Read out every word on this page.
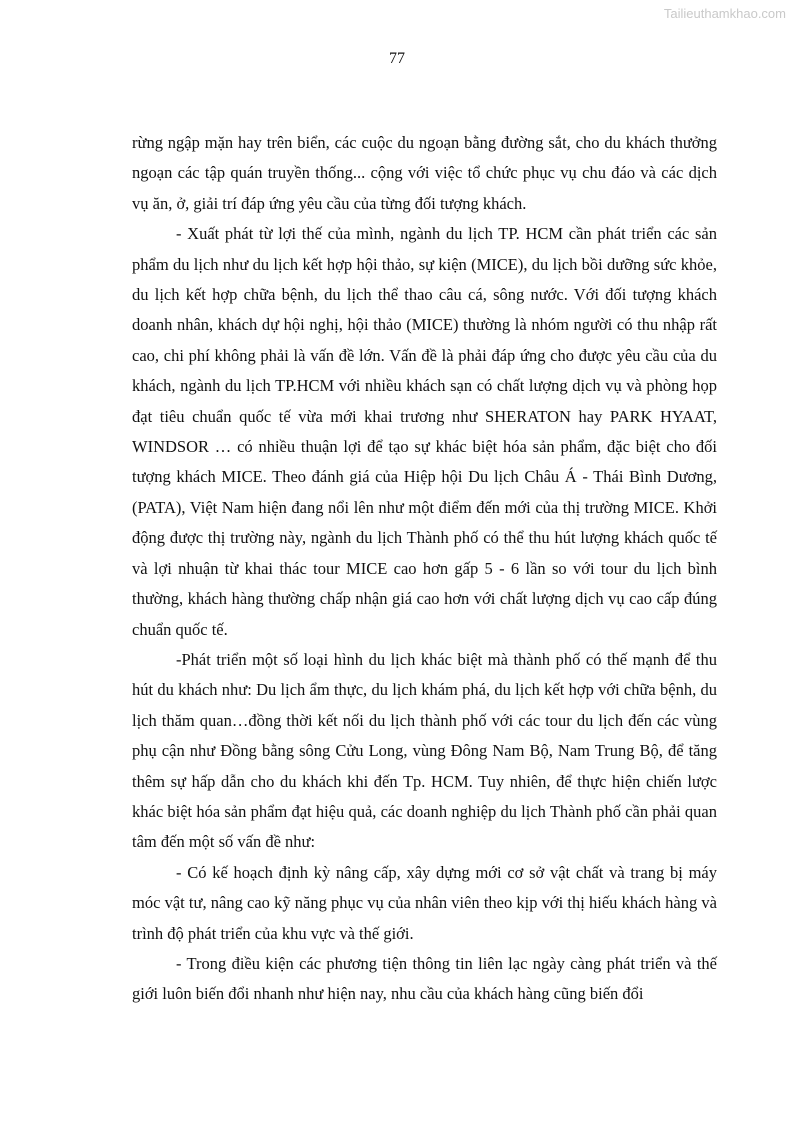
Tailieuthamkhao.com
77

rừng ngập mặn hay trên biển, các cuộc du ngoạn bằng đường sắt, cho du khách thưởng ngoạn các tập quán truyền thống... cộng với việc tổ chức phục vụ chu đáo và các dịch vụ ăn, ở, giải trí đáp ứng yêu cầu của từng đối tượng khách.

- Xuất phát từ lợi thế của mình, ngành du lịch TP. HCM cần phát triển các sản phẩm du lịch như du lịch kết hợp hội thảo, sự kiện (MICE), du lịch bồi dưỡng sức khỏe, du lịch kết hợp chữa bệnh, du lịch thể thao câu cá, sông nước. Với đối tượng khách doanh nhân, khách dự hội nghị, hội thảo (MICE) thường là nhóm người có thu nhập rất cao, chi phí không phải là vấn đề lớn. Vấn đề là phải đáp ứng cho được yêu cầu của du khách, ngành du lịch TP.HCM với nhiều khách sạn có chất lượng dịch vụ và phòng họp đạt tiêu chuẩn quốc tế vừa mới khai trương như SHERATON hay PARK HYAAT, WINDSOR … có nhiều thuận lợi để tạo sự khác biệt hóa sản phẩm, đặc biệt cho đối tượng khách MICE. Theo đánh giá của Hiệp hội Du lịch Châu Á - Thái Bình Dương, (PATA), Việt Nam hiện đang nổi lên như một điểm đến mới của thị trường MICE. Khởi động được thị trường này, ngành du lịch Thành phố có thể thu hút lượng khách quốc tế và lợi nhuận từ khai thác tour MICE cao hơn gấp 5 - 6 lần so với tour du lịch bình thường, khách hàng thường chấp nhận giá cao hơn với chất lượng dịch vụ cao cấp đúng chuẩn quốc tế.

-Phát triển một số loại hình du lịch khác biệt mà thành phố có thế mạnh để thu hút du khách như: Du lịch ẩm thực, du lịch khám phá, du lịch kết hợp với chữa bệnh, du lịch thăm quan…đồng thời kết nối du lịch thành phố với các tour du lịch đến các vùng phụ cận như Đồng bằng sông Cửu Long, vùng Đông Nam Bộ, Nam Trung Bộ, để tăng thêm sự hấp dẫn cho du khách khi đến Tp. HCM. Tuy nhiên, để thực hiện chiến lược khác biệt hóa sản phẩm đạt hiệu quả, các doanh nghiệp du lịch Thành phố cần phải quan tâm đến một số vấn đề như:

- Có kế hoạch định kỳ nâng cấp, xây dựng mới cơ sở vật chất và trang bị máy móc vật tư, nâng cao kỹ năng phục vụ của nhân viên theo kịp với thị hiếu khách hàng và trình độ phát triển của khu vực và thế giới.

- Trong điều kiện các phương tiện thông tin liên lạc ngày càng phát triển và thế giới luôn biến đổi nhanh như hiện nay, nhu cầu của khách hàng cũng biến đổi
